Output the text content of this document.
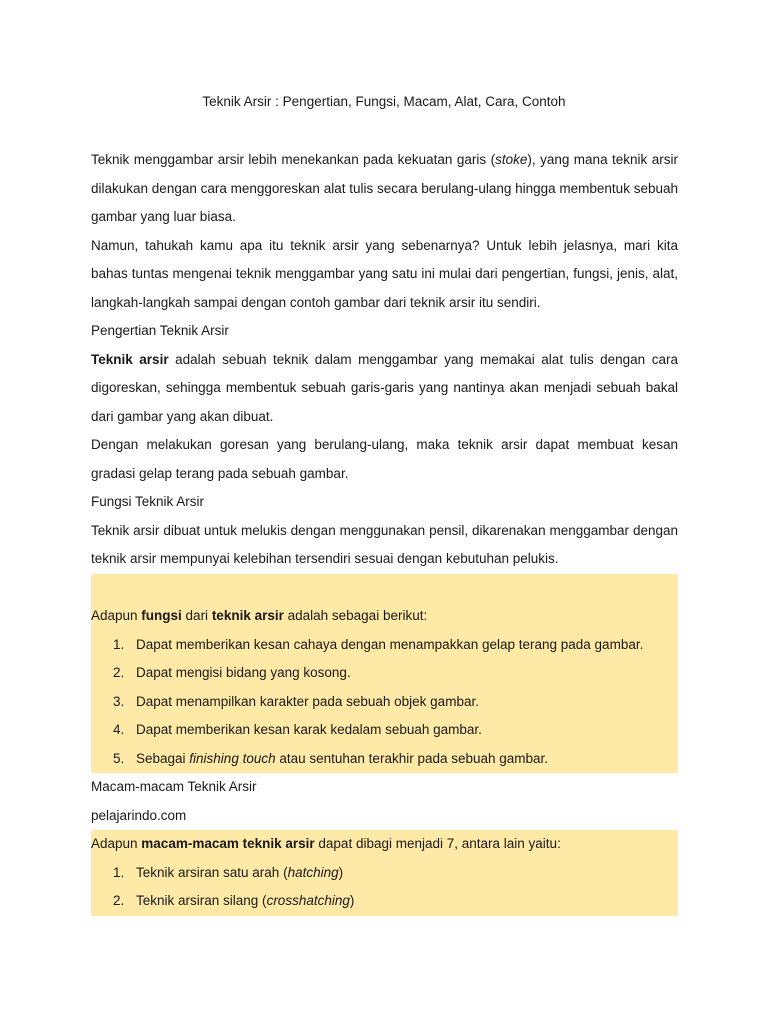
Teknik Arsir : Pengertian, Fungsi, Macam, Alat, Cara, Contoh

Teknik menggambar arsir lebih menekankan pada kekuatan garis (stoke), yang mana teknik arsir dilakukan dengan cara menggoreskan alat tulis secara berulang-ulang hingga membentuk sebuah gambar yang luar biasa.

Namun, tahukah kamu apa itu teknik arsir yang sebenarnya? Untuk lebih jelasnya, mari kita bahas tuntas mengenai teknik menggambar yang satu ini mulai dari pengertian, fungsi, jenis, alat, langkah-langkah sampai dengan contoh gambar dari teknik arsir itu sendiri.

Pengertian Teknik Arsir

Teknik arsir adalah sebuah teknik dalam menggambar yang memakai alat tulis dengan cara digoreskan, sehingga membentuk sebuah garis-garis yang nantinya akan menjadi sebuah bakal dari gambar yang akan dibuat.

Dengan melakukan goresan yang berulang-ulang, maka teknik arsir dapat membuat kesan gradasi gelap terang pada sebuah gambar.

Fungsi Teknik Arsir

Teknik arsir dibuat untuk melukis dengan menggunakan pensil, dikarenakan menggambar dengan teknik arsir mempunyai kelebihan tersendiri sesuai dengan kebutuhan pelukis.

Adapun fungsi dari teknik arsir adalah sebagai berikut:

1. Dapat memberikan kesan cahaya dengan menampakkan gelap terang pada gambar.
2. Dapat mengisi bidang yang kosong.
3. Dapat menampilkan karakter pada sebuah objek gambar.
4. Dapat memberikan kesan karak kedalam sebuah gambar.
5. Sebagai finishing touch atau sentuhan terakhir pada sebuah gambar.

Macam-macam Teknik Arsir

pelajarindo.com

Adapun macam-macam teknik arsir dapat dibagi menjadi 7, antara lain yaitu:

1. Teknik arsiran satu arah (hatching)
2. Teknik arsiran silang (crosshatching)
